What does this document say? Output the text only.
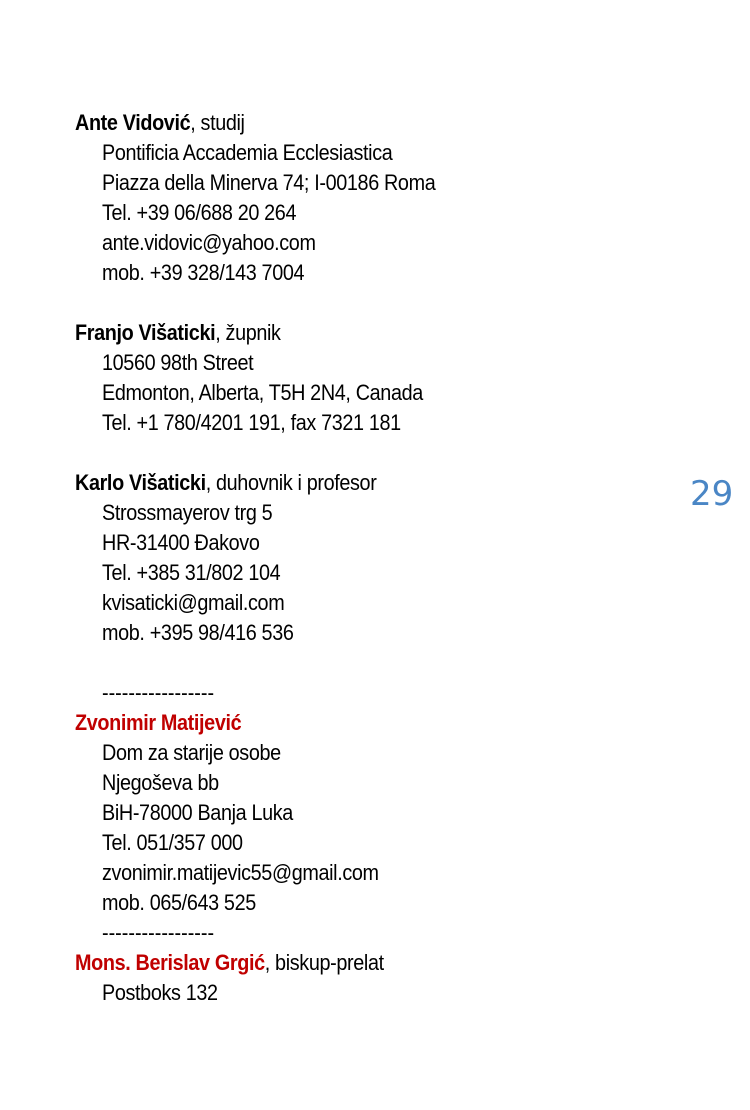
Ante Vidović, studij
Pontificia Accademia Ecclesiastica
Piazza della Minerva 74; I-00186 Roma
Tel. +39 06/688 20 264
ante.vidovic@yahoo.com
mob. +39 328/143 7004
Franjo Višaticki, župnik
10560 98th Street
Edmonton, Alberta, T5H 2N4, Canada
Tel. +1 780/4201 191, fax 7321 181
Karlo Višaticki, duhovnik i profesor
Strossmayerov trg 5
HR-31400 Đakovo
Tel. +385 31/802 104
kvisaticki@gmail.com
mob. +395 98/416 536
-----------------
Zvonimir Matijević
Dom za starije osobe
Njegoševa bb
BiH-78000 Banja Luka
Tel. 051/357 000
zvonimir.matijevic55@gmail.com
mob. 065/643 525
-----------------
Mons. Berislav Grgić, biskup-prelat
Postboks 132
29
